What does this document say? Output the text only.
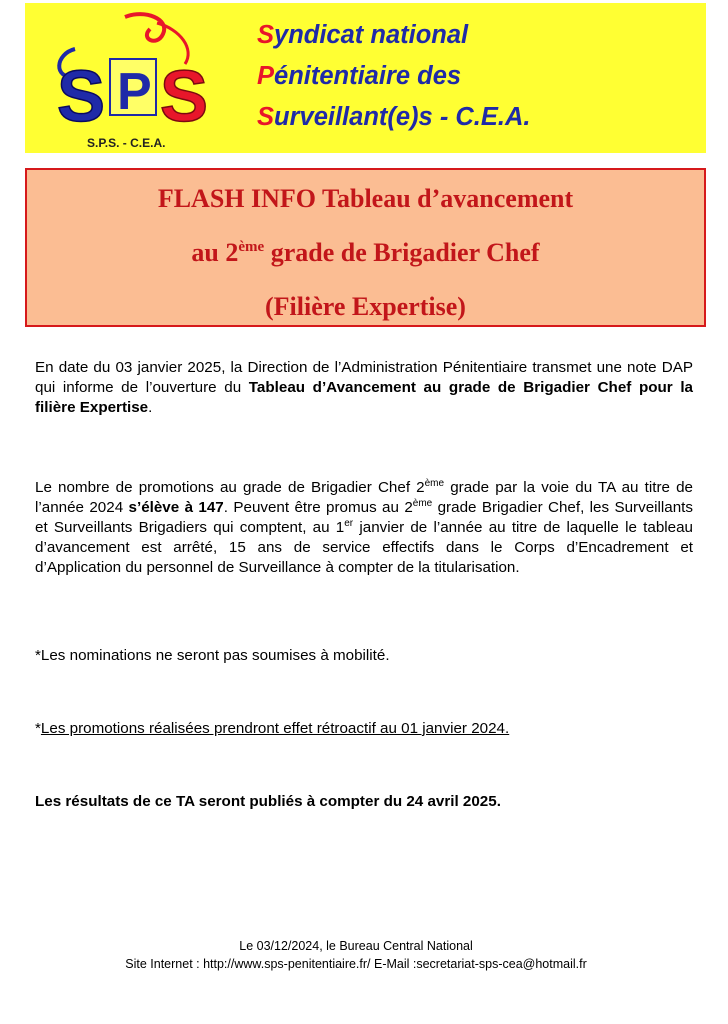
S P S
S.P.S. - C.E.A.
Syndicat national
Pénitentiaire des
Surveillant(e)s - C.E.A.
FLASH INFO Tableau d’avancement
au 2ème grade de Brigadier Chef
(Filière Expertise)
En date du 03 janvier 2025, la Direction de l’Administration Pénitentiaire transmet une note DAP qui informe de l’ouverture du Tableau d’Avancement au grade de Brigadier Chef pour la filière Expertise.
Le nombre de promotions au grade de Brigadier Chef 2ème grade par la voie du TA au titre de l’année 2024 s’élève à 147. Peuvent être promus au 2ème grade Brigadier Chef, les Surveillants et Surveillants Brigadiers qui comptent, au 1er janvier de l’année au titre de laquelle le tableau d’avancement est arrêté, 15 ans de service effectifs dans le Corps d’Encadrement et d’Application du personnel de Surveillance à compter de la titularisation.
*Les nominations ne seront pas soumises à mobilité.
*Les promotions réalisées prendront effet rétroactif au 01 janvier 2024.
Les résultats de ce TA seront publiés à compter du 24 avril 2025.
Le 03/12/2024, le Bureau Central National
Site Internet : http://www.sps-penitentiaire.fr/ E-Mail :secretariat-sps-cea@hotmail.fr
